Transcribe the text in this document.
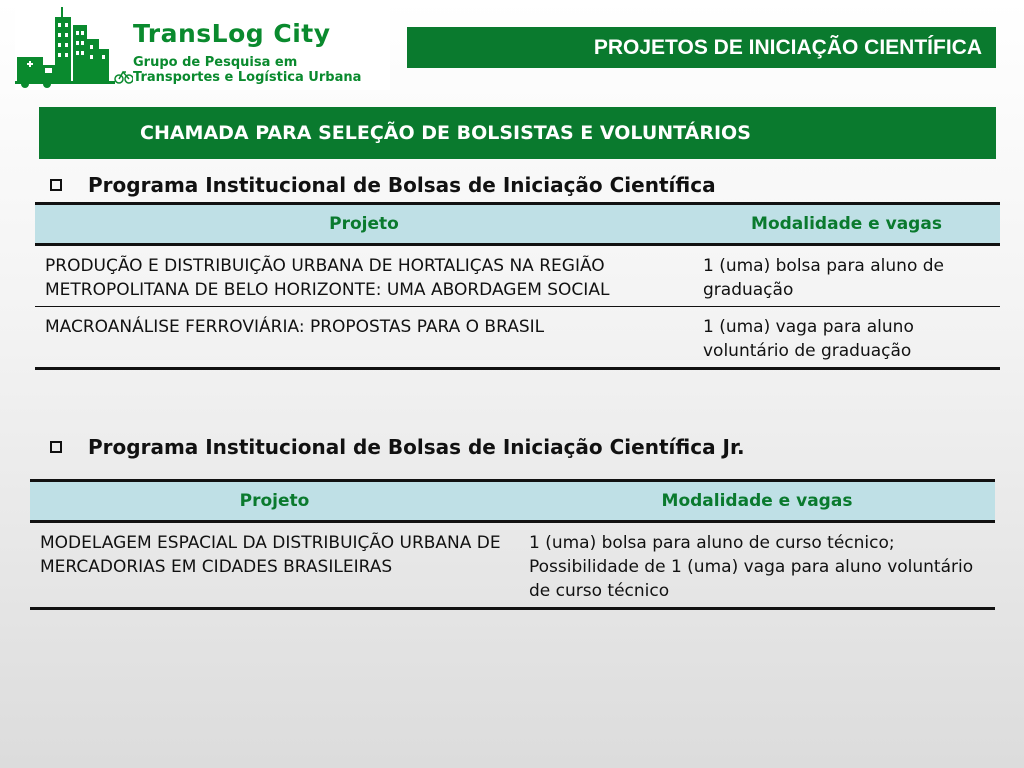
TransLog City
Grupo de Pesquisa em
Transportes e Logística Urbana
PROJETOS DE INICIAÇÃO CIENTÍFICA
CHAMADA PARA SELEÇÃO DE BOLSISTAS E VOLUNTÁRIOS
Programa Institucional de Bolsas de Iniciação Científica
Projeto	Modalidade e vagas
PRODUÇÃO E DISTRIBUIÇÃO URBANA DE HORTALIÇAS NA REGIÃO METROPOLITANA DE BELO HORIZONTE: UMA ABORDAGEM SOCIAL	1 (uma) bolsa para aluno de graduação
MACROANÁLISE FERROVIÁRIA: PROPOSTAS PARA O BRASIL	1 (uma) vaga para aluno voluntário de graduação
Programa Institucional de Bolsas de Iniciação Científica Jr.
Projeto	Modalidade e vagas
MODELAGEM ESPACIAL DA DISTRIBUIÇÃO URBANA DE MERCADORIAS EM CIDADES BRASILEIRAS	1 (uma) bolsa para aluno de curso técnico; Possibilidade de 1 (uma) vaga para aluno voluntário de curso técnico
